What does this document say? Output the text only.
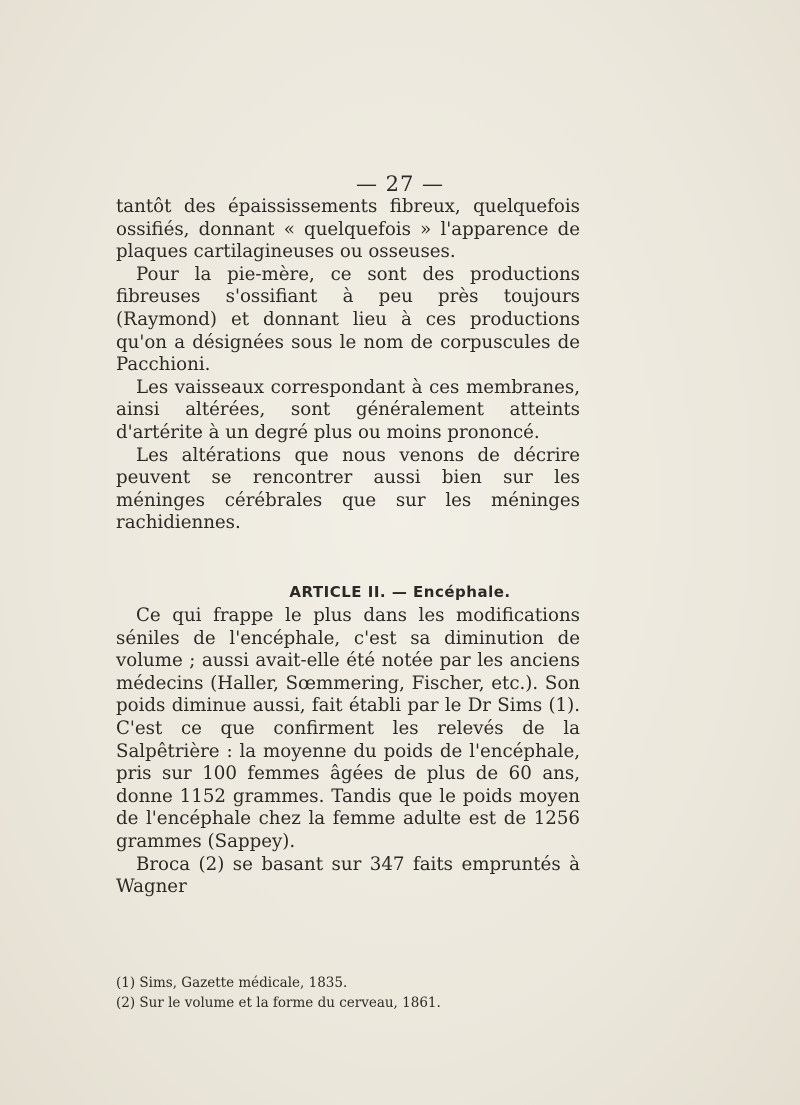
— 27 —

tantôt des épaississements fibreux, quelquefois ossifiés, donnant « quelquefois » l'apparence de plaques cartilagineuses ou osseuses.

Pour la pie-mère, ce sont des productions fibreuses s'ossifiant à peu près toujours (Raymond) et donnant lieu à ces productions qu'on a désignées sous le nom de corpuscules de Pacchioni.

Les vaisseaux correspondant à ces membranes, ainsi altérées, sont généralement atteints d'artérite à un degré plus ou moins prononcé.

Les altérations que nous venons de décrire peuvent se rencontrer aussi bien sur les méninges cérébrales que sur les méninges rachidiennes.

ARTICLE II. — Encéphale.

Ce qui frappe le plus dans les modifications séniles de l'encéphale, c'est sa diminution de volume ; aussi avait-elle été notée par les anciens médecins (Haller, Sœmmering, Fischer, etc.). Son poids diminue aussi, fait établi par le Dr Sims (1). C'est ce que confirment les relevés de la Salpêtrière : la moyenne du poids de l'encéphale, pris sur 100 femmes âgées de plus de 60 ans, donne 1152 grammes. Tandis que le poids moyen de l'encéphale chez la femme adulte est de 1256 grammes (Sappey).

Broca (2) se basant sur 347 faits empruntés à Wagner

(1) Sims, Gazette médicale, 1835.

(2) Sur le volume et la forme du cerveau, 1861.
